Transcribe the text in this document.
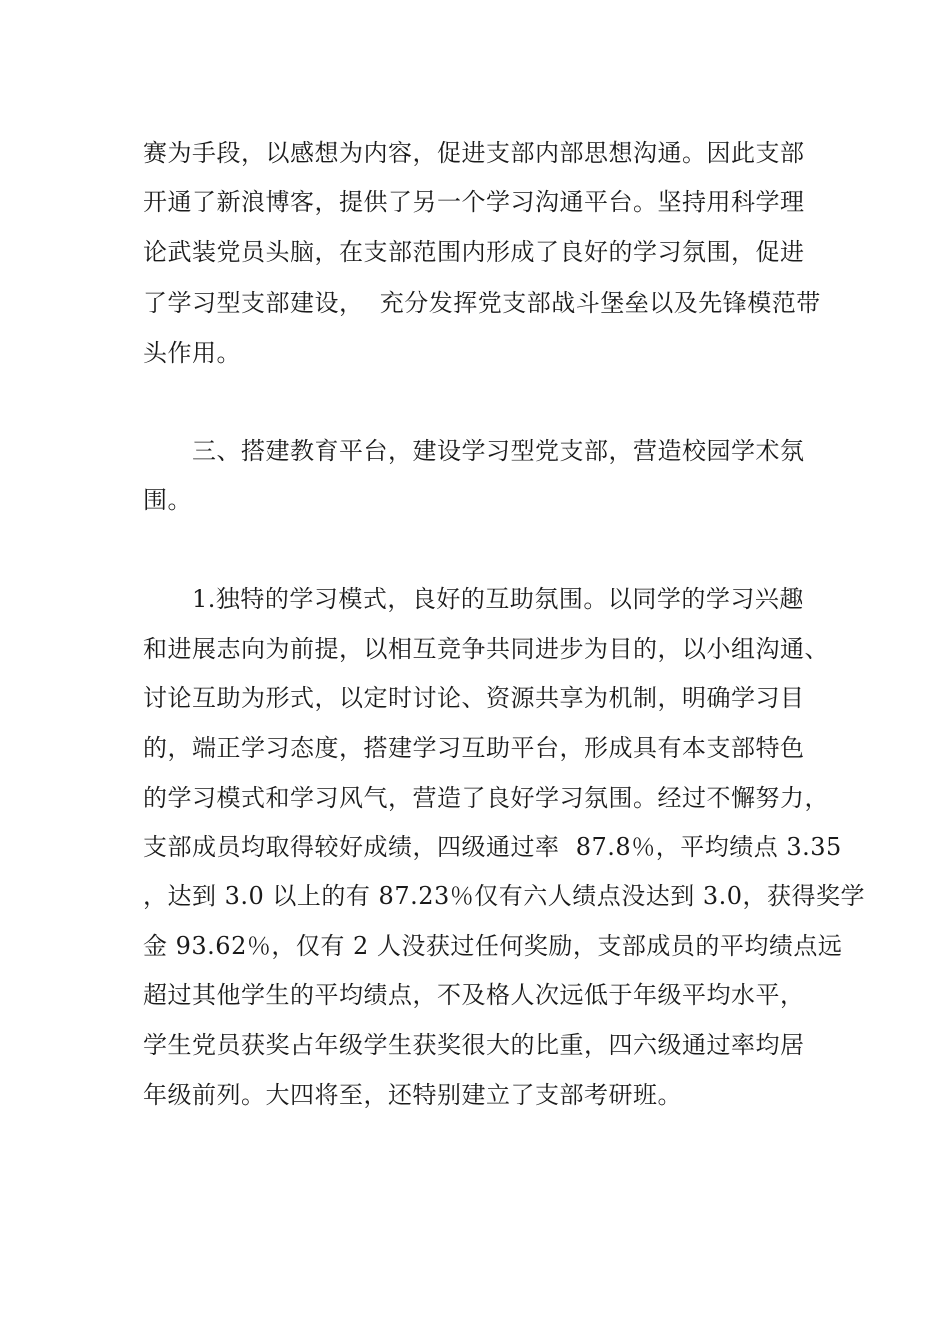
赛为手段，以感想为内容，促进支部内部思想沟通。因此支部
开通了新浪博客，提供了另一个学习沟通平台。坚持用科学理
论武装党员头脑，在支部范围内形成了良好的学习氛围，促进
了学习型支部建设，  充分发挥党支部战斗堡垒以及先锋模范带
头作用。
三、搭建教育平台，建设学习型党支部，营造校园学术氛
围。
1.独特的学习模式，良好的互助氛围。以同学的学习兴趣
和进展志向为前提，以相互竞争共同进步为目的，以小组沟通、
讨论互助为形式，以定时讨论、资源共享为机制，明确学习目
的，端正学习态度，搭建学习互助平台，形成具有本支部特色
的学习模式和学习风气，营造了良好学习氛围。经过不懈努力，
支部成员均取得较好成绩，四级通过率  87.8％，平均绩点 3.35
，达到 3.0 以上的有 87.23％仅有六人绩点没达到 3.0，获得奖学
金 93.62％，仅有 2 人没获过任何奖励，支部成员的平均绩点远
超过其他学生的平均绩点，不及格人次远低于年级平均水平，
学生党员获奖占年级学生获奖很大的比重，四六级通过率均居
年级前列。大四将至，还特别建立了支部考研班。
